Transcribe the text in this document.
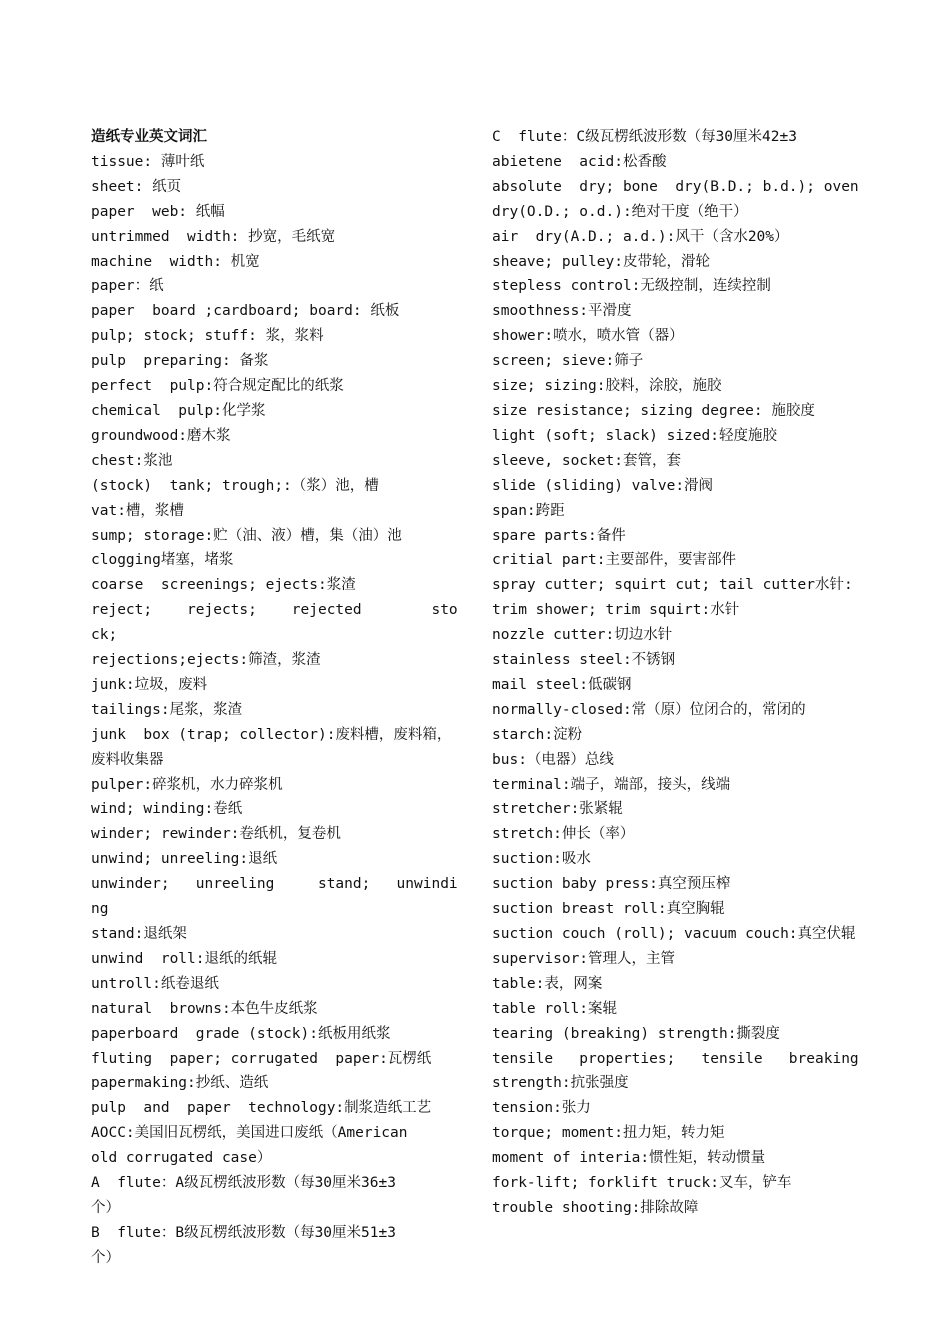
造纸专业英文词汇
tissue: 薄叶纸
sheet: 纸页
paper  web: 纸幅
untrimmed  width: 抄宽，毛纸宽
machine  width: 机宽
paper：纸
paper  board ;cardboard; board: 纸板
pulp; stock; stuff: 浆，浆料
pulp  preparing: 备浆
perfect  pulp:符合规定配比的纸浆
chemical  pulp:化学浆
groundwood:磨木浆
chest:浆池
(stock)  tank; trough;:（浆）池，槽
vat:槽，浆槽
sump; storage:贮（油、液）槽，集（油）池
clogging堵塞，堵浆
coarse  screenings; ejects:浆渣
reject;    rejects;    rejected        stock;
rejections;ejects:筛渣，浆渣
junk:垃圾，废料
tailings:尾浆，浆渣
junk  box (trap; collector):废料槽，废料箱，
废料收集器
pulper:碎浆机，水力碎浆机
wind; winding:卷纸
winder; rewinder:卷纸机，复卷机
unwind; unreeling:退纸
unwinder;   unreeling     stand;   unwinding
stand:退纸架
unwind  roll:退纸的纸辊
untroll:纸卷退纸
natural  browns:本色牛皮纸浆
paperboard  grade (stock):纸板用纸浆
fluting  paper; corrugated  paper:瓦楞纸
papermaking:抄纸、造纸
pulp  and  paper  technology:制浆造纸工艺
AOCC:美国旧瓦楞纸，美国进口废纸（American
old corrugated case）
A  flute：A级瓦楞纸波形数（每30厘米36±3
个）
B  flute：B级瓦楞纸波形数（每30厘米51±3
个）
C  flute：C级瓦楞纸波形数（每30厘米42±3
abietene  acid:松香酸
absolute  dry; bone  dry(B.D.; b.d.); oven
dry(O.D.; o.d.):绝对干度（绝干）
air  dry(A.D.; a.d.):风干（含水20%）
sheave; pulley:皮带轮，滑轮
stepless control:无级控制，连续控制
smoothness:平滑度
shower:喷水，喷水管（器）
screen; sieve:筛子
size; sizing:胶料，涂胶，施胶
size resistance; sizing degree: 施胶度
light (soft; slack) sized:轻度施胶
sleeve, socket:套管，套
slide (sliding) valve:滑阀
span:跨距
spare parts:备件
critial part:主要部件，要害部件
spray cutter; squirt cut; tail cutter水针:
trim shower; trim squirt:水针
nozzle cutter:切边水针
stainless steel:不锈钢
mail steel:低碳钢
normally-closed:常（原）位闭合的，常闭的
starch:淀粉
bus:（电器）总线
terminal:端子，端部，接头，线端
stretcher:张紧辊
stretch:伸长（率）
suction:吸水
suction baby press:真空预压榨
suction breast roll:真空胸辊
suction couch (roll); vacuum couch:真空伏辊
supervisor:管理人，主管
table:表，网案
table roll:案辊
tearing (breaking) strength:撕裂度
tensile   properties;   tensile   breaking
strength:抗张强度
tension:张力
torque; moment:扭力矩，转力矩
moment of interia:惯性矩，转动惯量
fork-lift; forklift truck:叉车，铲车
trouble shooting:排除故障
